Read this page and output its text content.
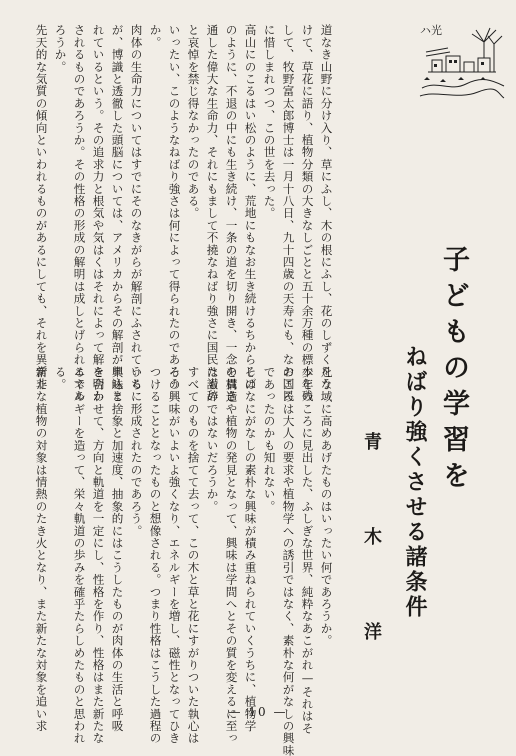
ハ光
子どもの学習を
ねばり強くさせる諸条件
青 木 洋
道なき山野に分け入り、草にふし、木の根にふし、花のしずくをう
けて、草花に語り、植物分類の大きなしごとと五十余万種の標本を残
して、牧野富太郎博士は一月十八日、九十四歳の天寿にも、なお国民
に惜しまれつつ、この世を去った。
高山にのこるはい松のように、荒地にもなお生き続けるちからしば
のように、不退の中にも生き続け、一条の道を切り開き、一念を貫き
通した偉大な生命力、それにもまして不撓なねばり強さに国民は讃辞
と哀悼を禁じ得なかったのである。
いったい、このようなねばり強さは何によって得られたのであろう
か。
肉体の生命力についてはすでにそのなきがらが解剖にふされている
が、博識と透徹した頭脳については、アメリカからその解剖が申込ま
れているという。その追求力と根気や気はくはそれによって解き明か
されるものであろうか。その性格の形成の解明は成しとげられるであ
ろうか。
先天的な気質の傾向といわれるものがあるにしても、それを異常非
凡な域に高めあげたものはいったい何であろうか。
少年のころに見出した、ふしぎな世界、純粋なあこがれ—それはそ
のころは大人の要求や植物学への誘引ではなく、素朴な何がなしの興味
であったのかも知れない。
そのなにがなしの素朴な興味が積み重ねられていくうちに、植物学
の構造や植物の発見となって、興味は学問へとその質を変えるに至っ
たものではないだろうか。
すべてのものを捨てて去って、この木と草と花にすがりついた執心は
その興味がいよいよ強くなり、エネルギーを増し、磁性となってひき
つけることとなったものと想像される。つまり性格はこうした過程の
うちに形成されたのであろう。
興味と捨象と加速度、抽象的にはこうしたものが肉体の生活と呼吸
を合わせて、方向と軌道を一定にし、性格を作り、性格はまた新たな
エネルギーを造って、栄々軌道の歩みを確乎たらしめたものと思われ
る。
新たな植物の対象は情熱のたき火となり、また新たな対象を追い求	— 10 —
